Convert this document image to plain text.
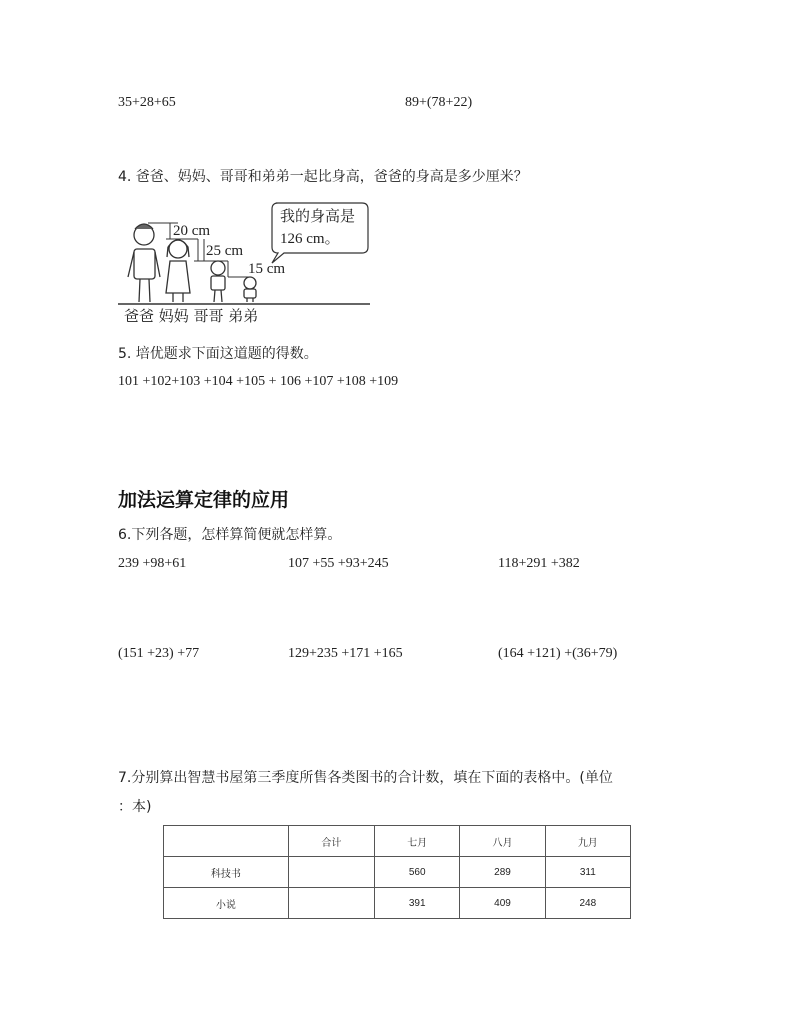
35+28+65	89+(78+22)
4. 爸爸、妈妈、哥哥和弟弟一起比身高，爸爸的身高是多少厘米？
20 cm
25 cm
15 cm
我的身高是
126 cm。
爸爸 妈妈 哥哥 弟弟
5. 培优题求下面这道题的得数。
101 +102+103 +104 +105 + 106 +107 +108 +109
加法运算定律的应用
6.下列各题，怎样算简便就怎样算。
239 +98+61	107 +55 +93+245	118+291 +382
(151 +23) +77	129+235 +171 +165	(164 +121) +(36+79)
7.分别算出智慧书屋第三季度所售各类图书的合计数，填在下面的表格中。(单位
：本)
	合计	七月	八月	九月
科技书		560	289	311
小说		391	409	248
